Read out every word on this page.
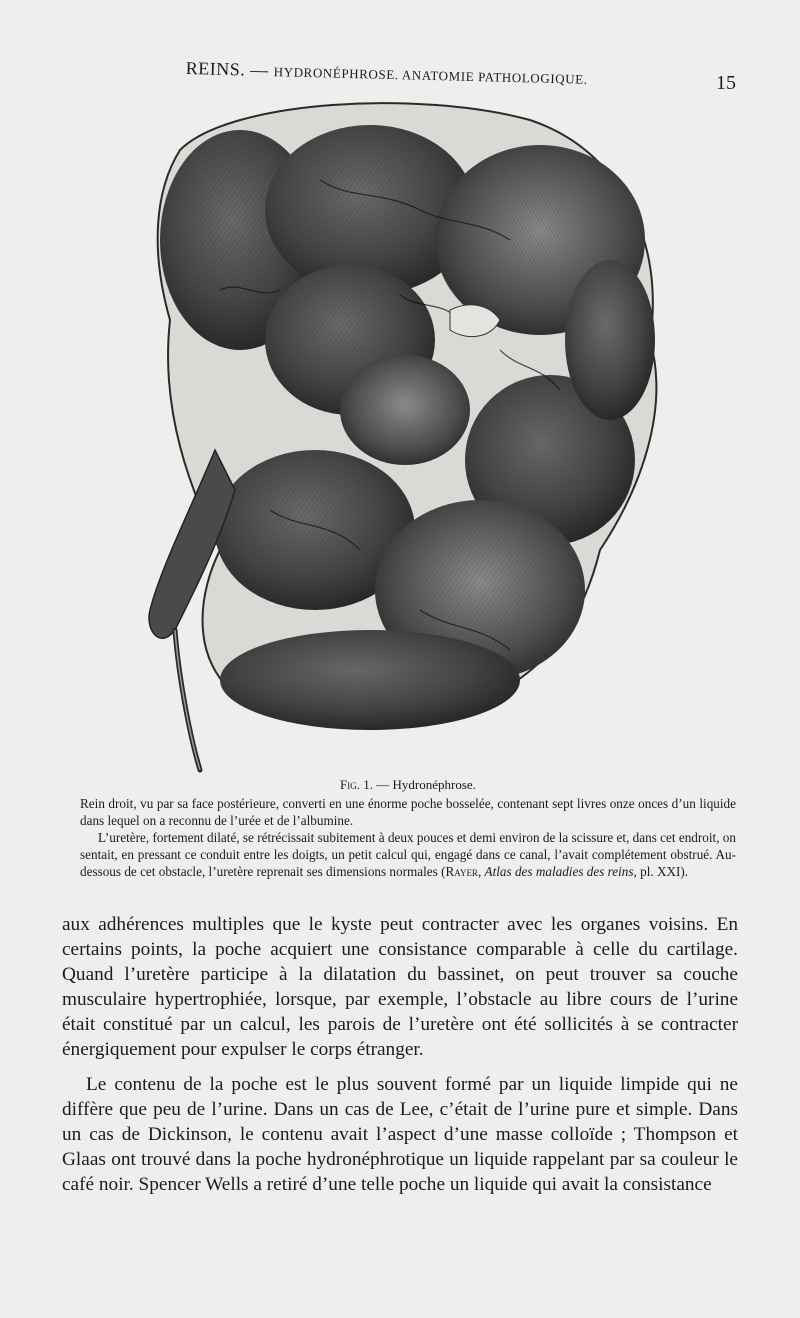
REINS. — HYDRONÉPHROSE. ANATOMIE PATHOLOGIQUE.	15
Fig. 1. — Hydronéphrose.

Rein droit, vu par sa face postérieure, converti en une énorme poche bosselée, contenant sept livres onze onces d’un liquide dans lequel on a reconnu de l’urée et de l’albumine.

L’uretère, fortement dilaté, se rétrécissait subitement à deux pouces et demi environ de la scissure et, dans cet endroit, on sentait, en pressant ce conduit entre les doigts, un petit calcul qui, engagé dans ce canal, l’avait complétement obstrué. Au-dessous de cet obstacle, l’uretère reprenait ses dimensions normales (Rayer, Atlas des maladies des reins, pl. XXI).

aux adhérences multiples que le kyste peut contracter avec les organes voisins. En certains points, la poche acquiert une consistance comparable à celle du cartilage. Quand l’uretère participe à la dilatation du bassinet, on peut trouver sa couche musculaire hypertrophiée, lorsque, par exemple, l’obstacle au libre cours de l’urine était constitué par un calcul, les parois de l’uretère ont été sollicités à se contracter énergiquement pour expulser le corps étranger.

Le contenu de la poche est le plus souvent formé par un liquide limpide qui ne diffère que peu de l’urine. Dans un cas de Lee, c’était de l’urine pure et simple. Dans un cas de Dickinson, le contenu avait l’aspect d’une masse colloïde ; Thompson et Glaas ont trouvé dans la poche hydronéphrotique un liquide rappelant par sa couleur le café noir. Spencer Wells a retiré d’une telle poche un liquide qui avait la consistance
